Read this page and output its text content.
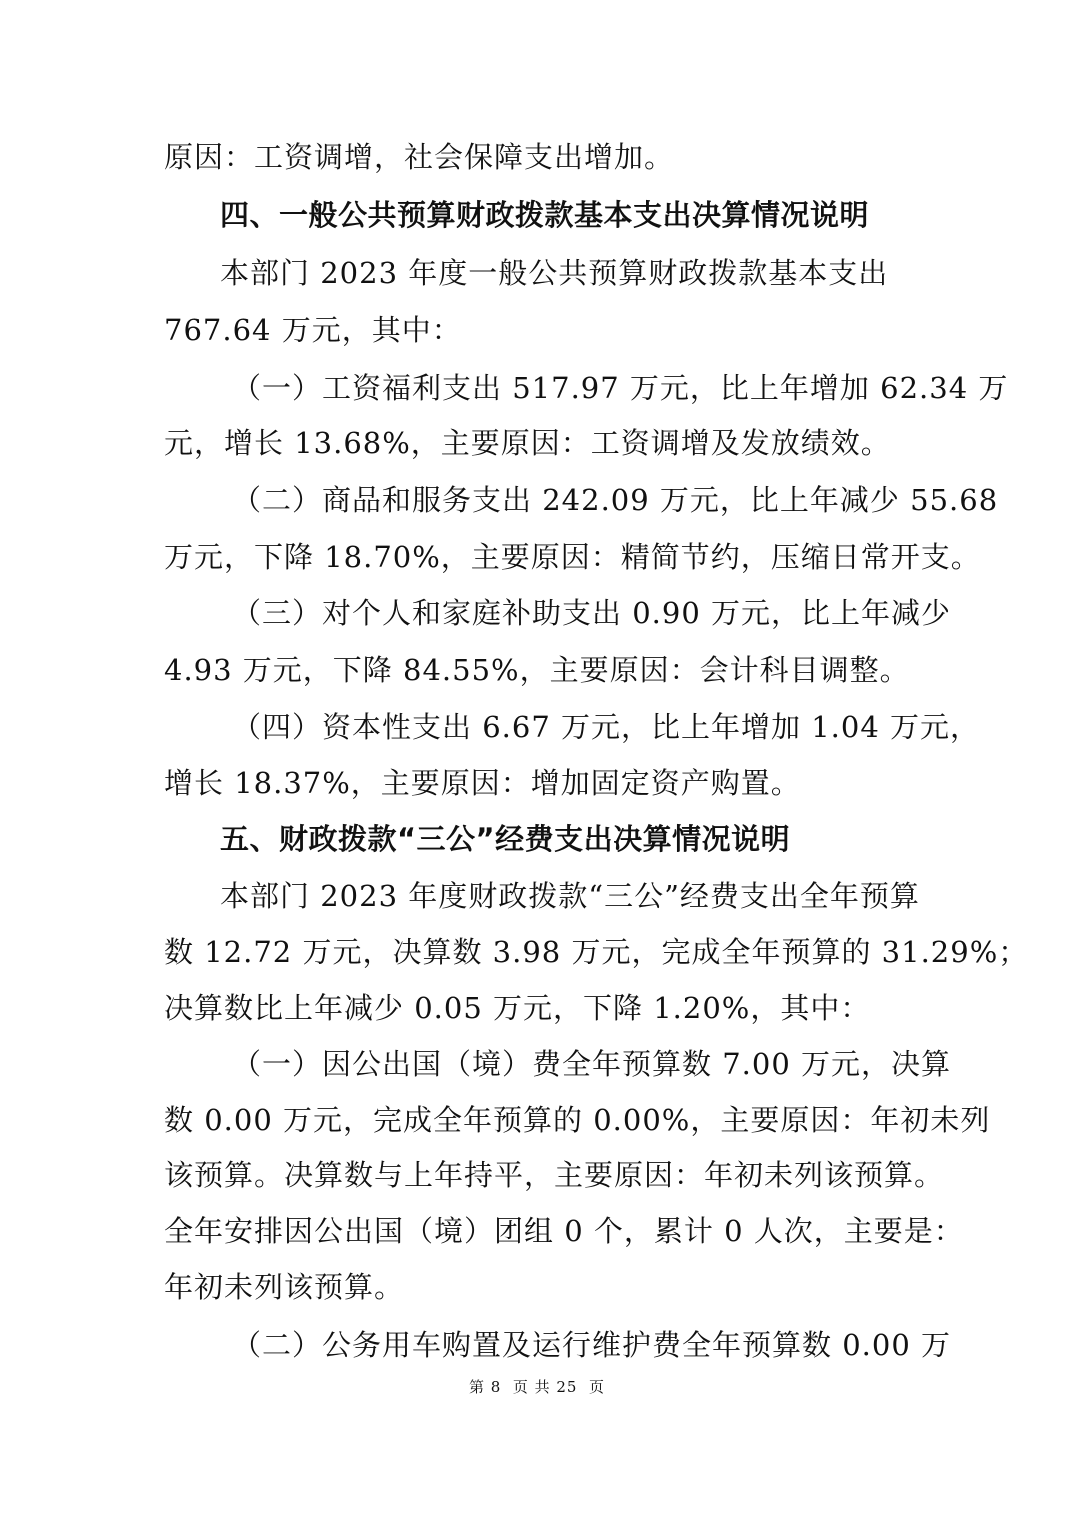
原因：工资调增，社会保障支出增加。
四、一般公共预算财政拨款基本支出决算情况说明
本部门 2023 年度一般公共预算财政拨款基本支出
767.64 万元，其中：
（一）工资福利支出 517.97 万元，比上年增加 62.34 万
元，增长 13.68%，主要原因：工资调增及发放绩效。
（二）商品和服务支出 242.09 万元，比上年减少 55.68
万元，下降 18.70%，主要原因：精简节约，压缩日常开支。
（三）对个人和家庭补助支出 0.90 万元，比上年减少
4.93 万元，下降 84.55%，主要原因：会计科目调整。
（四）资本性支出 6.67 万元，比上年增加 1.04 万元，
增长 18.37%，主要原因：增加固定资产购置。
五、财政拨款“三公”经费支出决算情况说明
本部门 2023 年度财政拨款“三公”经费支出全年预算
数 12.72 万元，决算数 3.98 万元，完成全年预算的 31.29%；
决算数比上年减少 0.05 万元，下降 1.20%，其中：
（一）因公出国（境）费全年预算数 7.00 万元，决算
数 0.00 万元，完成全年预算的 0.00%，主要原因：年初未列
该预算。决算数与上年持平，主要原因：年初未列该预算。
全年安排因公出国（境）团组 0 个，累计 0 人次，主要是：
年初未列该预算。
（二）公务用车购置及运行维护费全年预算数 0.00 万
第 8  页 共 25  页
